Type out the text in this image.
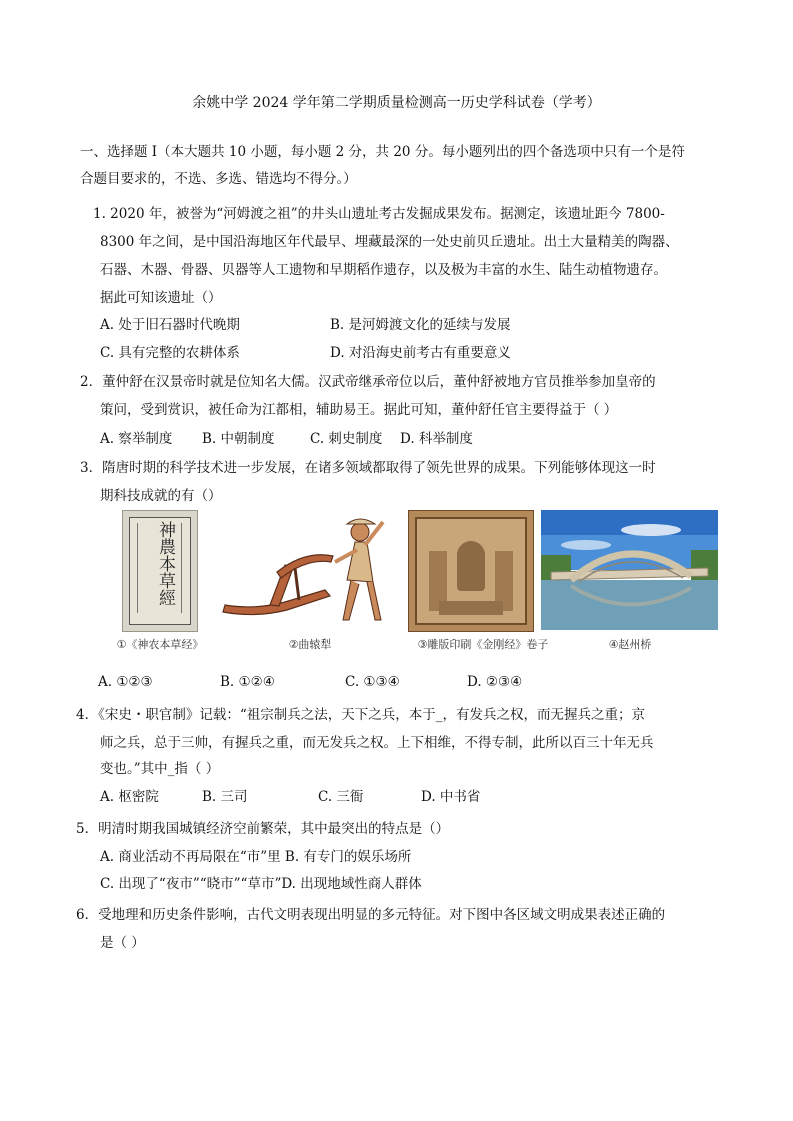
余姚中学 2024 学年第二学期质量检测高一历史学科试卷（学考）
一、选择题 I（本大题共 10 小题，每小题 2 分，共 20 分。每小题列出的四个备选项中只有一个是符
合题目要求的，不选、多选、错选均不得分。）
1. 2020 年，被誉为“河姆渡之祖”的井头山遗址考古发掘成果发布。据测定，该遗址距今 7800-
8300 年之间，是中国沿海地区年代最早、埋藏最深的一处史前贝丘遗址。出土大量精美的陶器、
石器、木器、骨器、贝器等人工遗物和早期稻作遗存，以及极为丰富的水生、陆生动植物遗存。
据此可知该遗址（）
A. 处于旧石器时代晚期	B. 是河姆渡文化的延续与发展
C. 具有完整的农耕体系	D. 对沿海史前考古有重要意义
2．董仲舒在汉景帝时就是位知名大儒。汉武帝继承帝位以后，董仲舒被地方官员推举参加皇帝的
策问，受到赏识，被任命为江都相，辅助易王。据此可知，董仲舒任官主要得益于（ ）
A. 察举制度 B. 中朝制度	C. 刺史制度 D. 科举制度
3．隋唐时期的科学技术进一步发展，在诸多领域都取得了领先世界的成果。下列能够体现这一时
期科技成就的有（）
神農本草經
①《神农本草经》	②曲辕犁	③雕版印刷《金刚经》卷子	④赵州桥
A. ①②③	B. ①②④	C. ①③④	D. ②③④
4．《宋史・职官制》记载：“祖宗制兵之法，天下之兵，本于_，有发兵之权，而无握兵之重；京
师之兵，总于三帅，有握兵之重，而无发兵之权。上下相维，不得专制，此所以百三十年无兵
变也。”其中_指（ ）
A. 枢密院	B. 三司	C. 三衙	D. 中书省
5．明清时期我国城镇经济空前繁荣，其中最突出的特点是（）
A. 商业活动不再局限在“市”里 B. 有专门的娱乐场所
C. 出现了“夜市”“晓市”“草市”D. 出现地域性商人群体
6．受地理和历史条件影响，古代文明表现出明显的多元特征。对下图中各区域文明成果表述正确的
是（ ）
